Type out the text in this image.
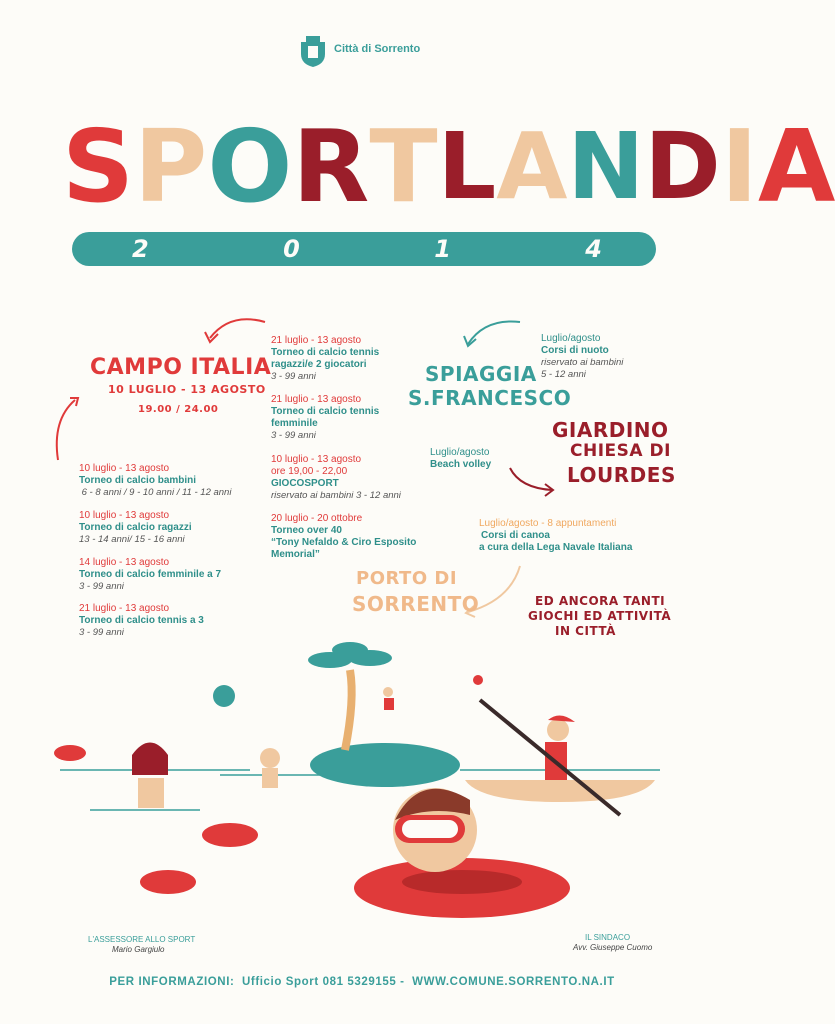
Città di Sorrento
S P O R T L A N D I A
2	0	1	4
CAMPO ITALIA
10 LUGLIO - 13 AGOSTO
19.00 / 24.00
10 luglio - 13 agosto
Torneo di calcio bambini
6 - 8 anni / 9 - 10 anni / 11 - 12 anni
10 luglio - 13 agosto
Torneo di calcio ragazzi
13 - 14 anni/ 15 - 16 anni
14 luglio - 13 agosto
Torneo di calcio femminile a 7
3 - 99 anni
21 luglio - 13 agosto
Torneo di calcio tennis a 3
3 - 99 anni
21 luglio - 13 agosto
Torneo di calcio tennis
ragazzi/e 2 giocatori
3 - 99 anni
21 luglio - 13 agosto
Torneo di calcio tennis
femminile
3 - 99 anni
10 luglio - 13 agosto
ore 19,00 - 22,00
GIOCOSPORT
riservato ai bambini 3 - 12 anni
20 luglio - 20 ottobre
Torneo over 40
“Tony Nefaldo & Ciro Esposito
Memorial”
SPIAGGIA
S.FRANCESCO
Luglio/agosto
Corsi di nuoto
riservato ai bambini
5 - 12 anni
GIARDINO
CHIESA DI
LOURDES
Luglio/agosto
Beach volley
Luglio/agosto - 8 appuntamenti
Corsi di canoa
a cura della Lega Navale Italiana
PORTO DI
SORRENTO	ED ANCORA TANTI
GIOCHI ED ATTIVITÀ
IN CITTÀ
L'ASSESSORE ALLO SPORT
Mario Gargiulo
IL SINDACO
Avv. Giuseppe Cuomo
PER INFORMAZIONI:  Ufficio Sport 081 5329155 -  WWW.COMUNE.SORRENTO.NA.IT
